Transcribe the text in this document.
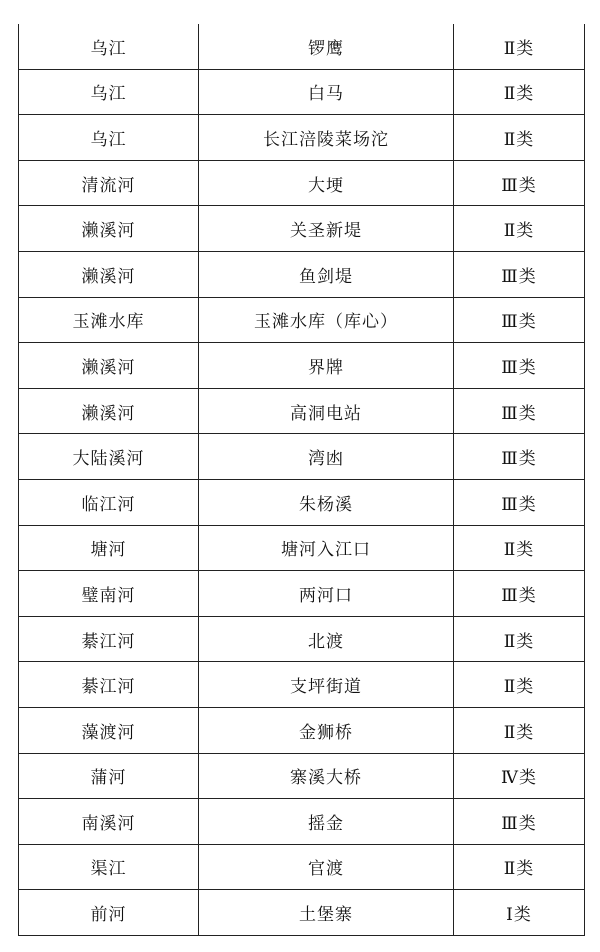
乌江	锣鹰	Ⅱ类
乌江	白马	Ⅱ类
乌江	长江涪陵菜场沱	Ⅱ类
清流河	大埂	Ⅲ类
濑溪河	关圣新堤	Ⅱ类
濑溪河	鱼剑堤	Ⅲ类
玉滩水库	玉滩水库（库心）	Ⅲ类
濑溪河	界牌	Ⅲ类
濑溪河	高洞电站	Ⅲ类
大陆溪河	湾凼	Ⅲ类
临江河	朱杨溪	Ⅲ类
塘河	塘河入江口	Ⅱ类
璧南河	两河口	Ⅲ类
綦江河	北渡	Ⅱ类
綦江河	支坪街道	Ⅱ类
藻渡河	金狮桥	Ⅱ类
蒲河	寨溪大桥	Ⅳ类
南溪河	摇金	Ⅲ类
渠江	官渡	Ⅱ类
前河	土堡寨	Ⅰ类
